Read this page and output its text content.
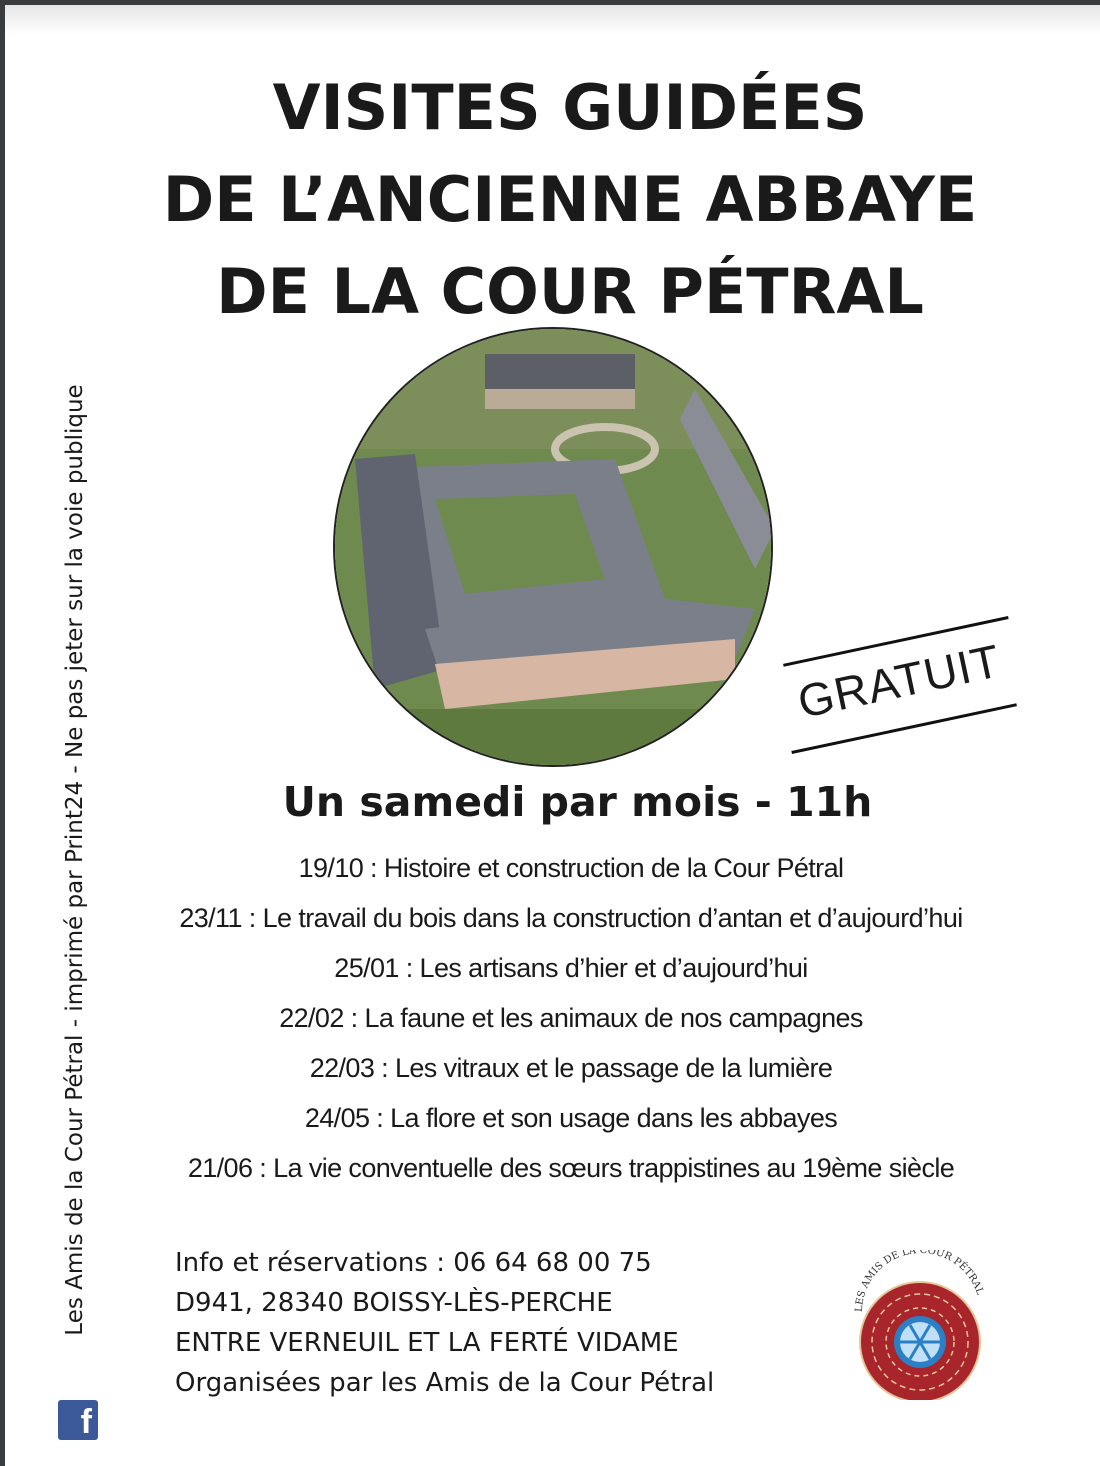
VISITES GUIDÉES
DE L’ANCIENNE ABBAYE
DE LA COUR PÉTRAL
GRATUIT
Un samedi par mois - 11h
19/10 : Histoire et construction de la Cour Pétral
23/11 : Le travail du bois dans la construction d’antan et d’aujourd’hui
25/01 : Les artisans d’hier et d’aujourd’hui
22/02 : La faune et les animaux de nos campagnes
22/03 : Les vitraux et le passage de la lumière
24/05 : La flore et son usage dans les abbayes
21/06 : La vie conventuelle des sœurs trappistines au 19ème siècle
Info et réservations : 06 64 68 00 75
D941, 28340 BOISSY-LÈS-PERCHE
ENTRE VERNEUIL ET LA FERTÉ VIDAME
Organisées par les Amis de la Cour Pétral
Les Amis de la Cour Pétral - imprimé par Print24 - Ne pas jeter sur la voie publique
f
LES AMIS DE LA COUR PÉTRAL
